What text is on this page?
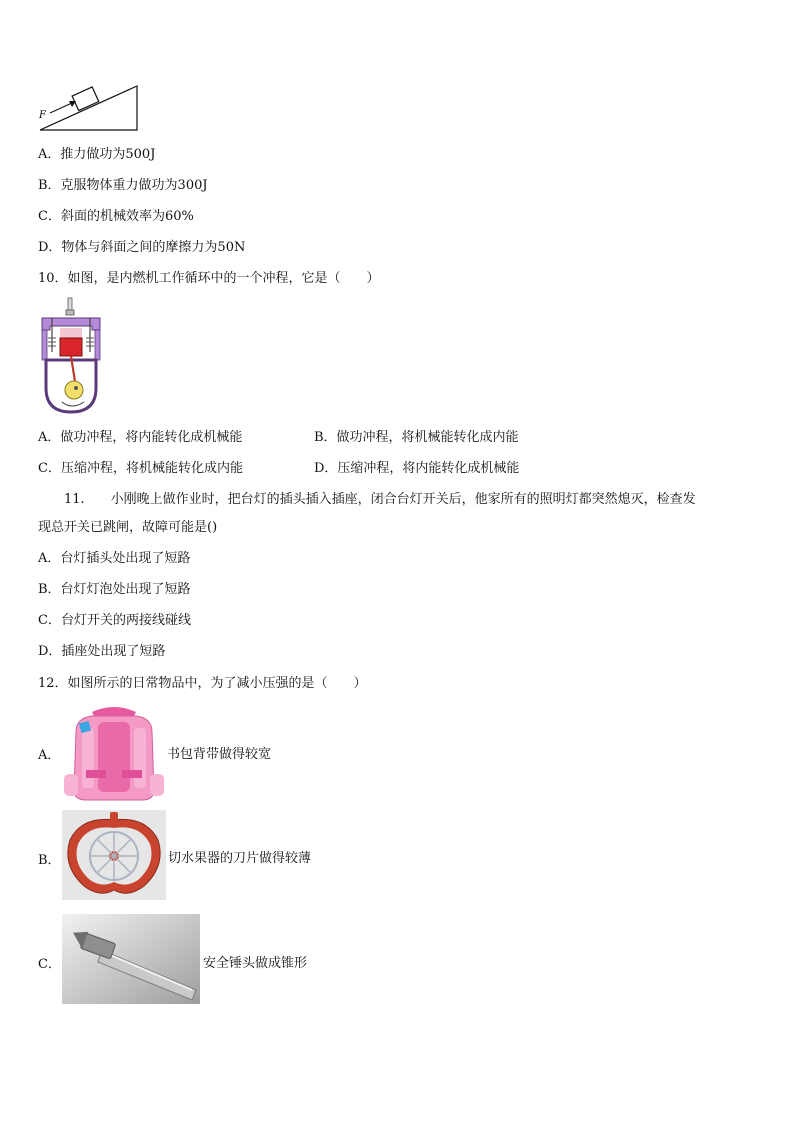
F
A．推力做功为500J
B．克服物体重力做功为300J
C．斜面的机械效率为60%
D．物体与斜面之间的摩擦力为50N
10．如图，是内燃机工作循环中的一个冲程，它是（　　）
A．做功冲程，将内能转化成机械能	B．做功冲程，将机械能转化成内能
C．压缩冲程，将机械能转化成内能	D．压缩冲程，将内能转化成机械能
11.　　小刚晚上做作业时，把台灯的插头插入插座，闭合台灯开关后，他家所有的照明灯都突然熄灭，检查发
现总开关已跳闸，故障可能是()
A．台灯插头处出现了短路
B．台灯灯泡处出现了短路
C．台灯开关的两接线碰线
D．插座处出现了短路
12．如图所示的日常物品中，为了减小压强的是（　　）
A．	书包背带做得较宽
B．	切水果器的刀片做得较薄
C．	安全锤头做成锥形
